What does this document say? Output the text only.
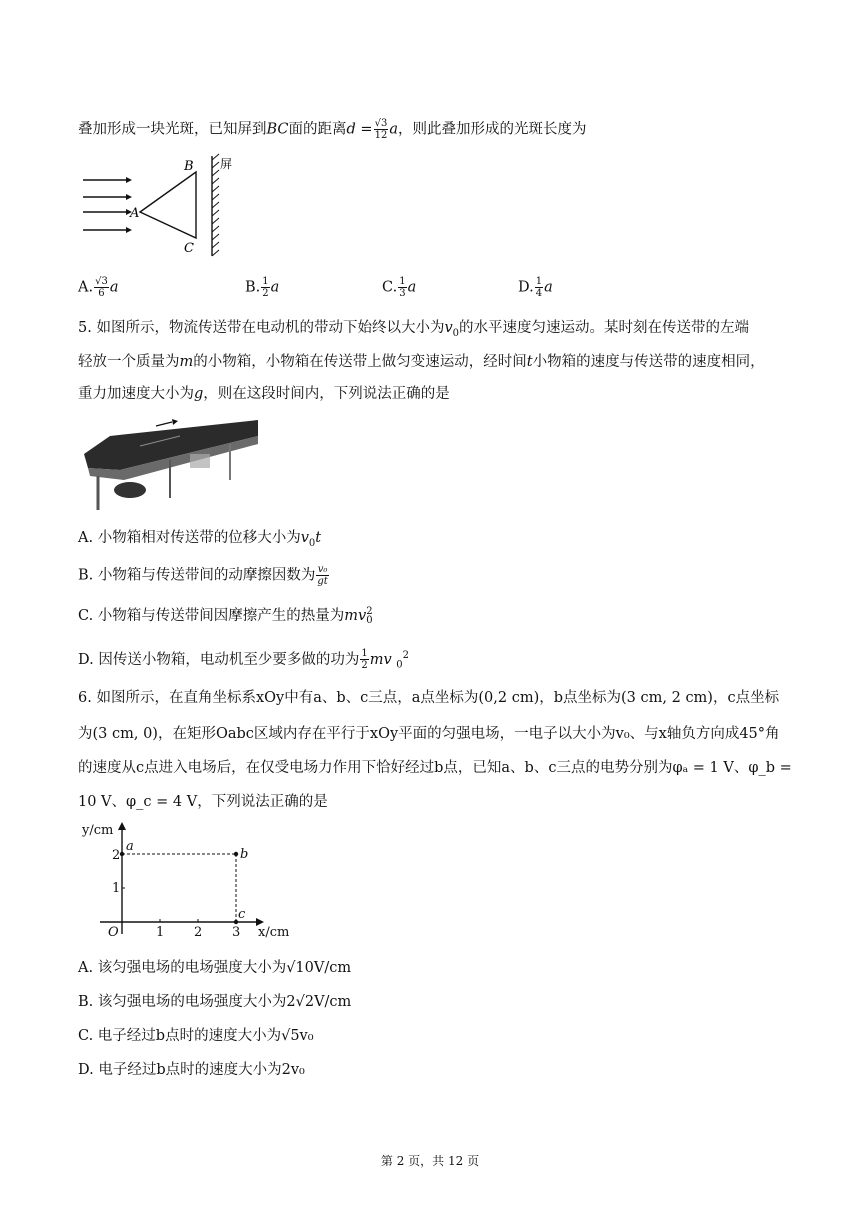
叠加形成一块光斑，已知屏到BC面的距离$d = \frac{√3}{12}$ a，则此叠加形成的光斑长度为
B
A
C
屏
A. $\frac{√3}{6}$ a	B. $\frac{1}{2}$ a	C. $\frac{1}{3}$ a	D. $\frac{1}{4}$ a
5. 如图所示，物流传送带在电动机的带动下始终以大小为$v_0$的水平速度匀速运动。某时刻在传送带的左端
轻放一个质量为m的小物箱，小物箱在传送带上做匀变速运动，经时间t小物箱的速度与传送带的速度相同，
重力加速度大小为g，则在这段时间内，下列说法正确的是
A. 小物箱相对传送带的位移大小为$v_0t$
B. 小物箱与传送带间的动摩擦因数为 $\frac{\text{v₀}}{gt}$
C. 小物箱与传送带间因摩擦产生的热量为mv 2
0
D. 因传送小物箱，电动机至少要多做的功为 $\frac{1}{2}$ mv $_0^2$
6. 如图所示，在直角坐标系xOy中有a、b、c三点，a点坐标为(0,2 cm)，b点坐标为(3 cm, 2 cm)，c点坐标
为(3 cm, 0)，在矩形Oabc区域内存在平行于xOy平面的匀强电场，一电子以大小为v₀、与x轴负方向成45°角
的速度从c点进入电场后，在仅受电场力作用下恰好经过b点，已知a、b、c三点的电势分别为φₐ = 1 V、φ_b =
10 V、φ_c = 4 V，下列说法正确的是
y/cm
x/cm
O	1 2 3
1
2
a
b
c
A. 该匀强电场的电场强度大小为√10V/cm
B. 该匀强电场的电场强度大小为2√2V/cm
C. 电子经过b点时的速度大小为√5v₀
D. 电子经过b点时的速度大小为2v₀
第 2 页，共 12 页
